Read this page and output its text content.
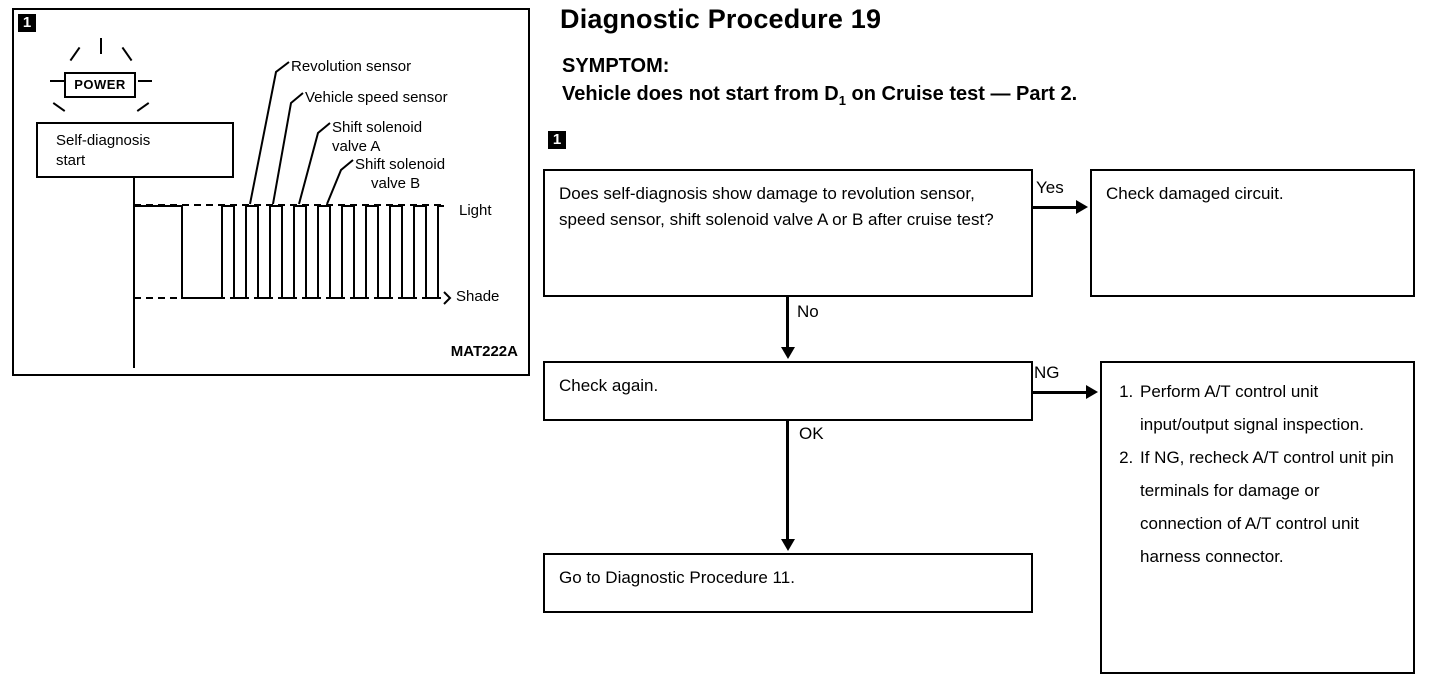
1
POWER
Self-diagnosis
start
Revolution sensor
Vehicle speed sensor
Shift solenoid
valve A
Shift solenoid
valve B
Light
Shade
MAT222A
Diagnostic Procedure 19
SYMPTOM:
Vehicle does not start from $D_1$ on Cruise test — Part 2.
1
Does self-diagnosis show damage to revolution sensor, speed sensor, shift solenoid valve A or B after cruise test?
Check damaged circuit.
Check again.
Go to Diagnostic Procedure 11.
1. Perform A/T control unit input/output signal inspection.
2. If NG, recheck A/T control unit pin terminals for damage or connection of A/T control unit harness connector.
Yes
No
NG
OK
